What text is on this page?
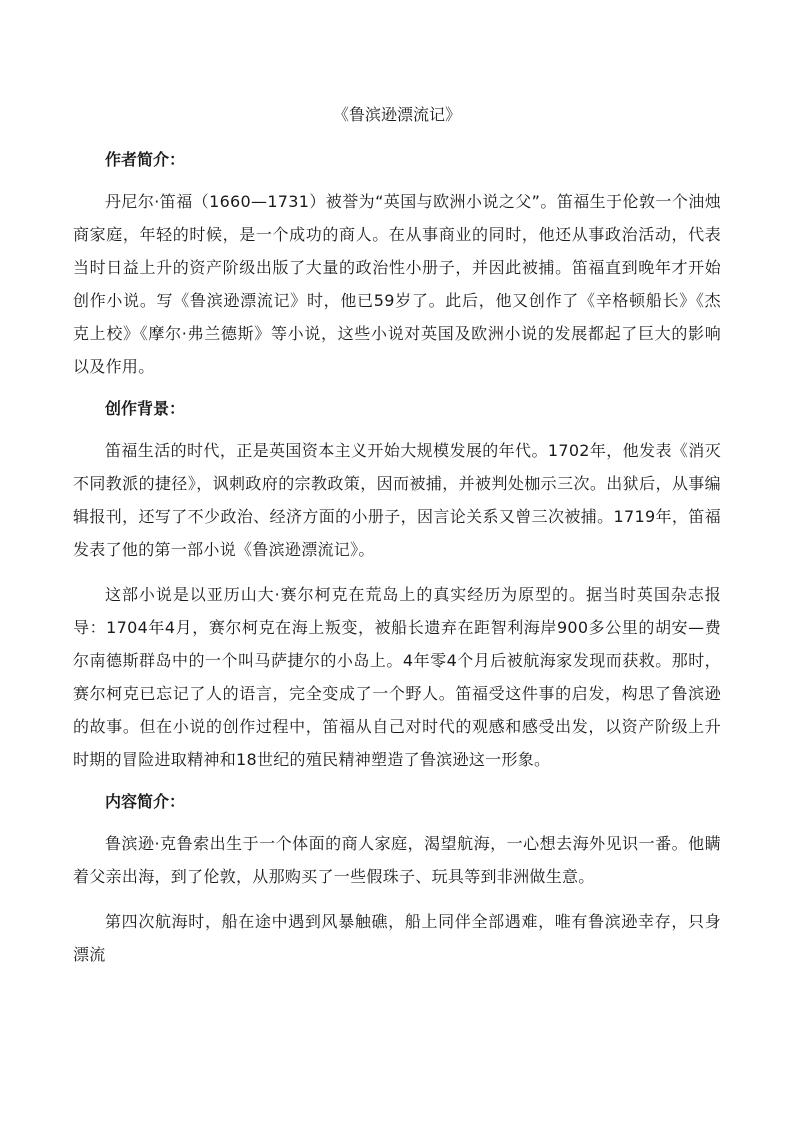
《鲁滨逊漂流记》
作者简介：

丹尼尔·笛福（1660—1731）被誉为“英国与欧洲小说之父”。笛福生于伦敦一个油烛商家庭，年轻的时候，是一个成功的商人。在从事商业的同时，他还从事政治活动，代表当时日益上升的资产阶级出版了大量的政治性小册子，并因此被捕。笛福直到晚年才开始创作小说。写《鲁滨逊漂流记》时，他已59岁了。此后，他又创作了《辛格顿船长》《杰克上校》《摩尔·弗兰德斯》等小说，这些小说对英国及欧洲小说的发展都起了巨大的影响以及作用。

创作背景：

笛福生活的时代，正是英国资本主义开始大规模发展的年代。1702年，他发表《消灭不同教派的捷径》，讽刺政府的宗教政策，因而被捕，并被判处枷示三次。出狱后，从事编辑报刊，还写了不少政治、经济方面的小册子，因言论关系又曾三次被捕。1719年，笛福发表了他的第一部小说《鲁滨逊漂流记》。

这部小说是以亚历山大·赛尔柯克在荒岛上的真实经历为原型的。据当时英国杂志报导：1704年4月，赛尔柯克在海上叛变，被船长遗弃在距智利海岸900多公里的胡安—费尔南德斯群岛中的一个叫马萨捷尔的小岛上。4年零4个月后被航海家发现而获救。那时，赛尔柯克已忘记了人的语言，完全变成了一个野人。笛福受这件事的启发，构思了鲁滨逊的故事。但在小说的创作过程中，笛福从自己对时代的观感和感受出发，以资产阶级上升时期的冒险进取精神和18世纪的殖民精神塑造了鲁滨逊这一形象。

内容简介：

鲁滨逊·克鲁索出生于一个体面的商人家庭，渴望航海，一心想去海外见识一番。他瞒着父亲出海，到了伦敦，从那购买了一些假珠子、玩具等到非洲做生意。

第四次航海时，船在途中遇到风暴触礁，船上同伴全部遇难，唯有鲁滨逊幸存，只身漂流
